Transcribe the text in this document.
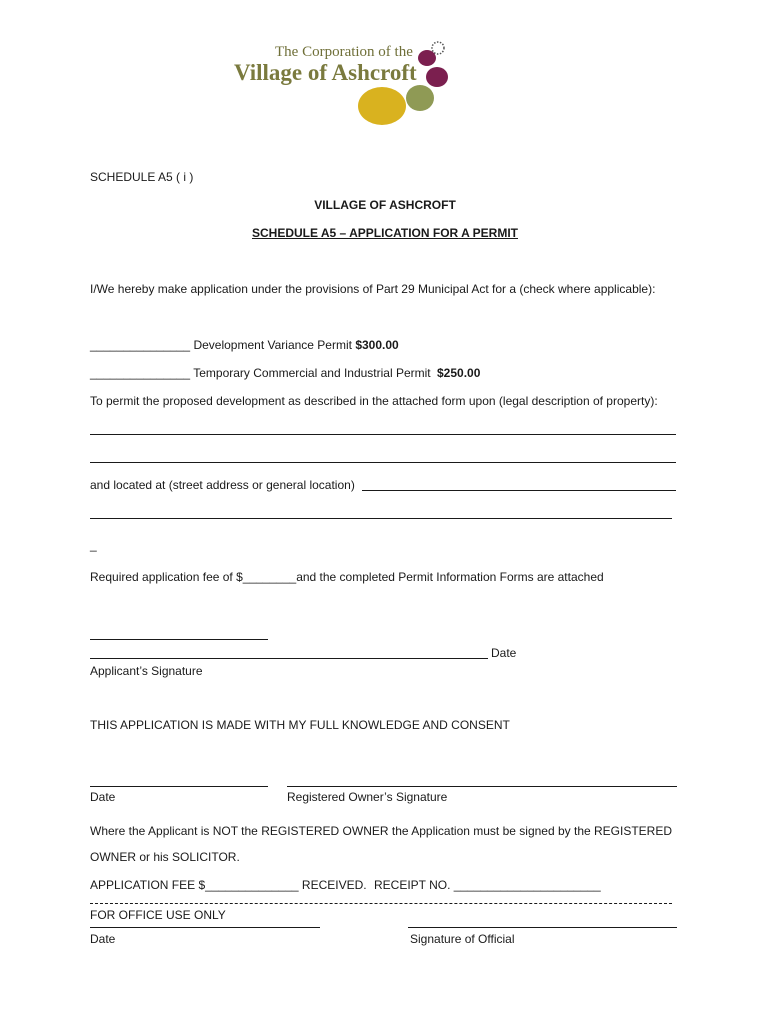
The Corporation of the
Village of Ashcroft
SCHEDULE A5 ( i )
VILLAGE OF ASHCROFT
SCHEDULE A5 – APPLICATION FOR A PERMIT
I/We hereby make application under the provisions of Part 29 Municipal Act for a (check where applicable):
_______________ Development Variance Permit $300.00
_______________ Temporary Commercial and Industrial Permit $250.00
To permit the proposed development as described in the attached form upon (legal description of property):
and located at (street address or general location)
_
Required application fee of $________and the completed Permit Information Forms are attached
Date
Applicant’s Signature
THIS APPLICATION IS MADE WITH MY FULL KNOWLEDGE AND CONSENT
Date	Registered Owner’s Signature
Where the Applicant is NOT the REGISTERED OWNER the Application must be signed by the REGISTERED
OWNER or his SOLICITOR.
APPLICATION FEE $______________ RECEIVED. RECEIPT NO. ______________________
FOR OFFICE USE ONLY
Date	Signature of Official
